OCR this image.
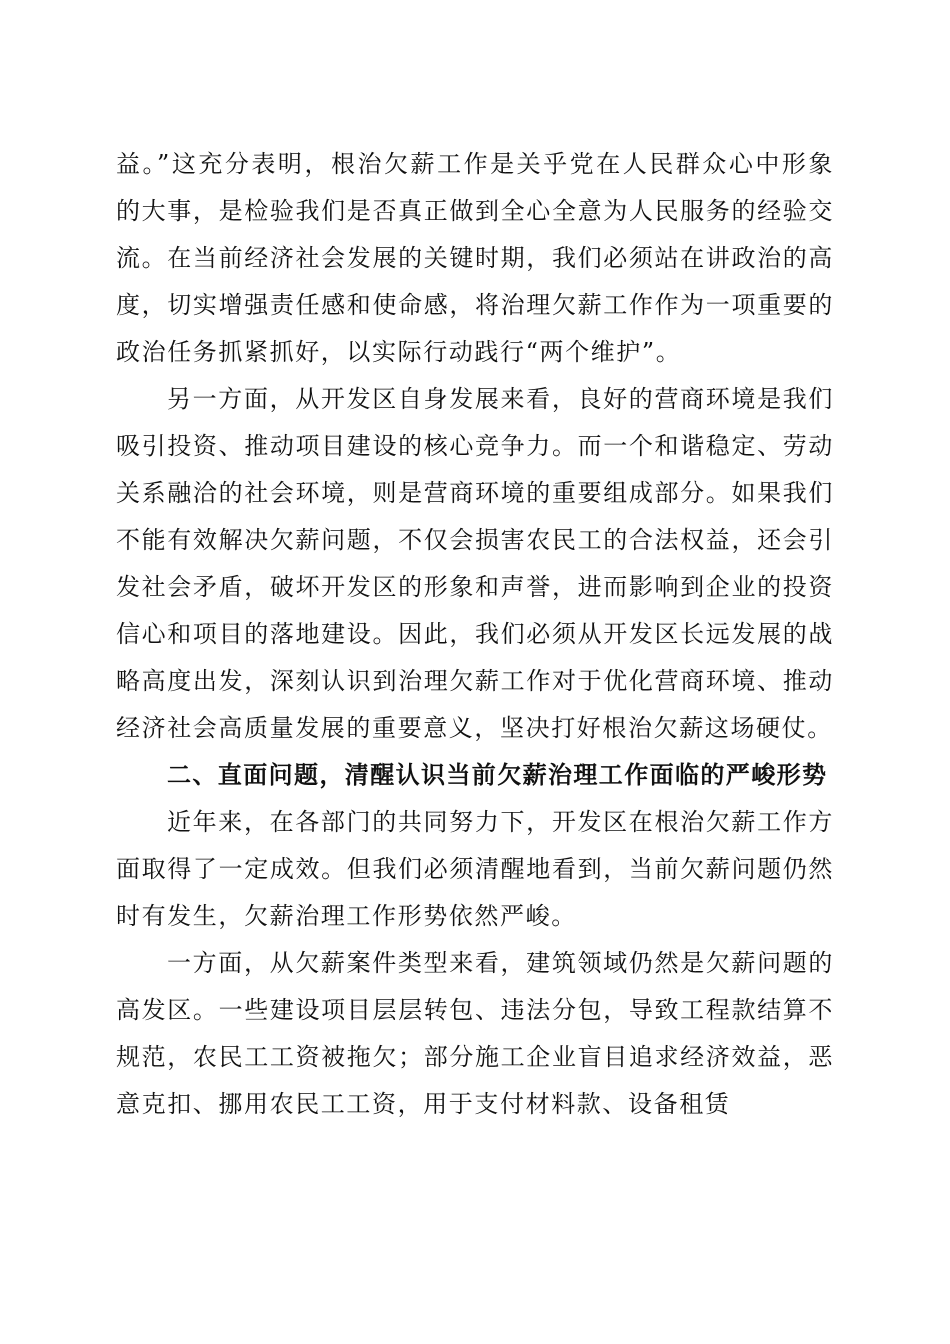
益。”这充分表明，根治欠薪工作是关乎党在人民群众心中形象的大事，是检验我们是否真正做到全心全意为人民服务的经验交流。在当前经济社会发展的关键时期，我们必须站在讲政治的高度，切实增强责任感和使命感，将治理欠薪工作作为一项重要的政治任务抓紧抓好，以实际行动践行“两个维护”。

另一方面，从开发区自身发展来看，良好的营商环境是我们吸引投资、推动项目建设的核心竞争力。而一个和谐稳定、劳动关系融洽的社会环境，则是营商环境的重要组成部分。如果我们不能有效解决欠薪问题，不仅会损害农民工的合法权益，还会引发社会矛盾，破坏开发区的形象和声誉，进而影响到企业的投资信心和项目的落地建设。因此，我们必须从开发区长远发展的战略高度出发，深刻认识到治理欠薪工作对于优化营商环境、推动经济社会高质量发展的重要意义，坚决打好根治欠薪这场硬仗。

二、直面问题，清醒认识当前欠薪治理工作面临的严峻形势

近年来，在各部门的共同努力下，开发区在根治欠薪工作方面取得了一定成效。但我们必须清醒地看到，当前欠薪问题仍然时有发生，欠薪治理工作形势依然严峻。

一方面，从欠薪案件类型来看，建筑领域仍然是欠薪问题的高发区。一些建设项目层层转包、违法分包，导致工程款结算不规范，农民工工资被拖欠；部分施工企业盲目追求经济效益，恶意克扣、挪用农民工工资，用于支付材料款、设备租赁
